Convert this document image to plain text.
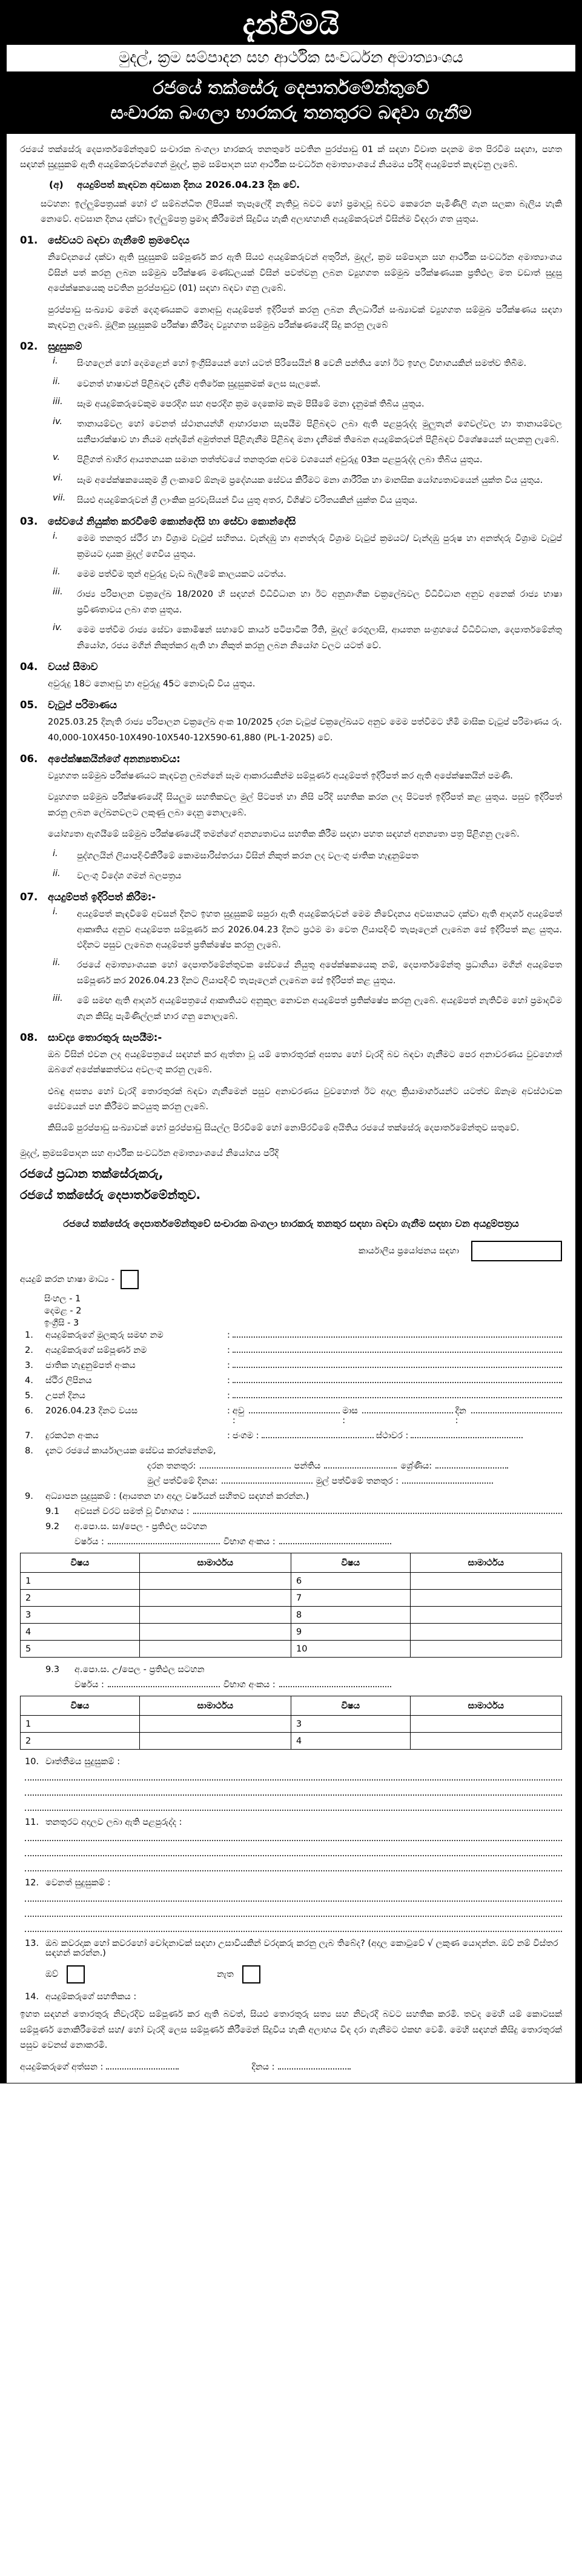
දැන්වීමයි
මුදල්, ක්‍රම සම්පාදන සහ ආර්ථික සංවර්ධන අමාත්‍යාංශය
රජයේ තක්සේරු දෙපාර්තමේන්තුවේ
සංචාරක බංගලා භාරකරු තනතුරට බඳවා ගැනීම

රජයේ තක්සේරු දෙපාර්තමේන්තුවේ සංචාරක බංගලා භාරකරු තනතුරේ පවතින පුරප්පාඩු 01 ක් සඳහා විවෘත පදනම මත පිරවීම සඳහා, පහත සඳහන් සුදුසුකම් ඇති අයදුම්කරුවන්ගෙන් මුදල්, ක්‍රම සම්පාදන සහ ආර්ථික සංවර්ධන අමාත්‍යාංශයේ නියමය පරිදි අයදුම්පත් කැඳවනු ලැබේ.

(අ) අයදුම්පත් කැඳවන අවසාන දිනය 2026.04.23 දින වේ.

සටහන: ඉල්ලුම්පත්‍රයක් හෝ ඒ සම්බන්ධිත ලිපියක් තැපෑලේදී නැතිවූ බවට හෝ ප්‍රමාදවූ බවට කෙරෙන පැමිණිලි ගැන සලකා බැලිය හැකි නොවේ. අවසාන දිනය දක්වා ඉල්ලුම්පත්‍ර ප්‍රමාද කිරීමෙන් සිදුවිය හැකි අලාභහානි අයදුම්කරුවන් විසින්ම විඳදරා ගත යුතුය.

01.	සේවයට බඳවා ගැනීමේ ක්‍රමවේදය

නිවේදනයේ දක්වා ඇති සුදුසුකම් සම්පූර්ණ කර ඇති සියළු අයදුම්කරුවන් අතුරින්, මුදල්, ක්‍රම සම්පාදන සහ ආර්ථික සංවර්ධන අමාත්‍යාංශය විසින් පත් කරනු ලබන සම්මුඛ පරීක්ෂණ මණ්ඩලයක් විසින් පවත්වනු ලබන ව්‍යුහගත සම්මුඛ පරීක්ෂණයක ප්‍රතිඵල මත වඩාත් සුදුසු අපේක්ෂකයෙකු පවතින පුරප්පාඩුව (01) සඳහා බඳවා ගනු ලැබේ.

පුරප්පාඩු සංඛ්‍යාව මෙන් දෙගුණයකට නොඅඩු අයදුම්පත් ඉදිරිපත් කරනු ලබන නිලධාරීන් සංඛ්‍යාවක් ව්‍යුහගත සම්මුඛ පරීක්ෂණය සඳහා කැඳවනු ලැබේ. මූලික සුදුසුකම් පරීක්ෂා කිරීමද ව්‍යුහගත සම්මුඛ පරීක්ෂණයේදී සිදු කරනු ලැබේ

02.	සුදුසුකම්
i.	සිංහලෙන් හෝ දෙමළෙන් හෝ ඉංග්‍රීසියෙන් හෝ යටත් පිරිසෙයින් 8 වෙනි පන්තිය හෝ ඊට ඉහල විභාගයකින් සමත්ව තිබීම.
ii.	වෙනත් භාෂාවන් පිළිබඳට දැනීම අතිරේක සුදුසුකමක් ලෙස සැලකේ.
iii.	සෑම අයදුම්කරුවෙකුම පෙරදිග සහ අපරදිග ක්‍රම දෙකෝම කෑම පිසීමේ මනා දැනුමක් තිබිය යුතුය.
iv.	තානායම්වල හෝ වෙනත් ස්ථානයන්හි ආහාරපාන සැපයීම පිළිබඳට ලබා ඇති පළපුරුද්ද මුලුතැන් ගෙවල්වල හා තානායම්වල සනීපාරක්ෂාව හා නියම අන්දමින් අමුත්තන් පිළිගැනීම පිළිබඳ මනා දැනීමක් තිබෙන අයදුම්කරුවන් පිළිබඳව විශේෂයෙන් සලකනු ලැබේ.
v.	පිළිගත් බාහිර ආයතනයක සමාන තත්ත්වයේ තනතුරක අවම වශයෙන් අවුරුදු 03ක පළපුරුද්ද ලබා තිබිය යුතුය.
vi.	සෑම අපේක්ෂකයෙකුම ශ්‍රී ලංකාවේ ඕනෑම ප්‍රදේශයක සේවය කිරීමට මනා ශාරීරික හා මානසික යෝග්‍යතාවයෙන් යුක්ත විය යුතුය.
vii.	සියළු අයදුම්කරුවන් ශ්‍රී ලාංකික පුරවැසියන් විය යුතු අතර, විශිෂ්ට චරිතයකින් යුක්ත විය යුතුය.
03.	සේවයේ නියුක්ත කරවීමේ කොන්දේසි හා සේවා කොන්දේසි
i.	මෙම තනතුර ස්ථීර හා විශ්‍රාම වැටුප් සහිතය. වැන්දඹු හා අනත්දරු විශ්‍රාම වැටුප් ක්‍රමයට/ වැන්දඹු පුරුෂ හා අනත්දරු විශ්‍රාම වැටුප් ක්‍රමයට දායක මුදල් ගෙවිය යුතුය.
ii.	මෙම පත්වීම තුන් අවුරුදු වැඩ බැලීමේ කාලයකට යටත්ය.
iii.	රාජ්‍ය පරිපාලන චක්‍රලේඛ 18/2020 හි සඳහන් විධිවිධාන හා ඊට අනුශාංගික චක්‍රලේඛවල විධිවිධාන අනුව අනෙක් රාජ්‍ය භාෂා ප්‍රවීණතාවය ලබා ගත යුතුය.
iv.	මෙම පත්වීම රාජ්‍ය සේවා කොමිෂන් සභාවේ කාර්ය පටිපාටික රීති, මුදල් රෙගුලාසි, ආයතන සංග්‍රහයේ විධිවිධාන, දෙපාර්තමේන්තු නියෝග, රජය මගින් නිකුත්කර ඇති හා නිකුත් කරනු ලබන නියෝග වලට යටත් වේ.
04.	වයස් සීමාව

අවුරුදු 18ට නොඅඩු හා අවුරුදු 45ට නොවැඩි විය යුතුය.

05.	වැටුප් පරිමාණය

2025.03.25 දිනැති රාජ්‍ය පරිපාලන චක්‍රලේඛ අංක 10/2025 දරන වැටුප් චක්‍රලේඛයට අනුව මෙම පත්වීමට හිමි මාසික වැටුප් පරිමාණය රු. 40,000-10X450-10X490-10X540-12X590-61,880 (PL-1-2025) වේ.

06.	අපේක්ෂකයින්ගේ අනන්‍යතාවය:

ව්‍යුහගත සම්මුඛ පරීක්ෂණයට කැඳවනු ලබන්නේ සෑම ආකාරයකින්ම සම්පූර්ණ අයදුම්පත් ඉදිරිපත් කර ඇති අපේක්ෂකයින් පමණි.

ව්‍යුහගත සම්මුඛ පරීක්ෂණයේදී සියලුම සහතිකවල මුල් පිටපත් හා නිසි පරිදි සහතික කරන ලද පිටපත් ඉදිරිපත් කළ යුතුය. පසුව ඉදිරිපත් කරනු ලබන ලේඛනවලට ලකුණු ලබා දෙනු නොලැබේ.

යෝග්‍යතා ඇගයීමේ සම්මුඛ පරීක්ෂණයේදී තමන්ගේ අනන්‍යතාවය සහතික කිරීම සඳහා පහත සඳහන් අනන්‍යතා පත්‍ර පිළිගනු ලැබේ.

i.	පුද්ගලයින් ලියාපදිංචිකිරීමේ කොමසාරිස්තරයා විසින් නිකුත් කරන ලද වලංගු ජාතික හැඳුනුම්පත
ii.	වලංගු විදේශ ගමන් බලපත්‍රය
07.	අයදුම්පත් ඉදිරිපත් කිරීම:-
i.	අයදුම්පත් කැඳවීමේ අවසන් දිනට ඉහත සුදුසුකම් සපුරා ඇති අයදුම්කරුවන් මෙම නිවේදනය අවසානයට දක්වා ඇති ආදර්ශ අයදුම්පත් ආකෘතිය අනුව අයදුම්පත සම්පූර්ණ කර 2026.04.23 දිනට ප්‍රථම මා වෙත ලියාපදිංචි තැපෑලෙන් ලැබෙන සේ ඉදිරිපත් කළ යුතුය. එදිනට පසුව ලැබෙන අයදුම්පත් ප්‍රතික්ෂේප කරනු ලැබේ.
ii.	රජයේ අමාත්‍යාංශයක හෝ දෙපාර්තමේන්තුවක සේවයේ නියුතු අපේක්ෂකයෙකු නම්, දෙපාර්තමේන්තු ප්‍රධානියා මගින් අයදුම්පත සම්පූර්ණ කර 2026.04.23 දිනට ලියාපදිංචි තැපෑලෙන් ලැබෙන සේ ඉදිරිපත් කළ යුතුය.
iii.	මේ සමඟ ඇති ආදර්ශ අයදුම්පත්‍රයේ ආකෘතියට අනුකූල නොවන අයදුම්පත් ප්‍රතික්ෂේප කරනු ලැබේ. අයදුම්පත් නැතිවීම හෝ ප්‍රමාදවීම ගැන කිසිදු පැමිණිල්ලක් භාර ගනු නොලැබේ.
08.	සාවද්‍ය තොරතුරු සැපයීම:-

ඔබ විසින් එවන ලද අයදුම්පත්‍රයේ සඳහන් කර ඇත්තා වූ යම් තොරතුරක් අසත්‍ය හෝ වැරදි බව බඳවා ගැනීමට පෙර අනාවරණය වුවහොත් ඔබගේ අපේක්ෂකත්වය අවලංගු කරනු ලැබේ.

එබඳු අසත්‍ය හෝ වැරදි තොරතුරක් බඳවා ගැනීමෙන් පසුව අනාවරණය වුවහොත් ඊට අදාල ක්‍රියාමාර්ගයන්ට යටත්ව ඕනෑම අවස්ථාවක සේවයෙන් පහ කිරීමට කටයුතු කරනු ලැබේ.

කිසියම් පුරප්පාඩු සංඛ්‍යාවක් හෝ පුරප්පාඩු සියල්ල පිරවීමේ හෝ නොපිරවීමේ අයිතිය රජයේ තක්සේරු දෙපාර්තමේන්තුව සතුවේ.

මුදල්, ක්‍රමසම්පාදන සහ ආර්ථික සංවර්ධන අමාත්‍යාංශයේ නියෝගය පරිදි
රජයේ ප්‍රධාන තක්සේරුකරු,
රජයේ තක්සේරු දෙපාර්තමේන්තුව.
රජයේ තක්සේරු දෙපාර්තමේන්තුවේ සංචාරක බංගලා භාරකරු තනතුර සඳහා බඳවා ගැනීම සඳහා වන අයදුම්පත්‍රය
කාර්යාලීය ප්‍රයෝජනය සඳහා
අයදුම් කරන භාෂා මාධ්‍ය -
සිංහල - 1
දෙමළ - 2
ඉංග්‍රීසි - 3
1.	අයදුම්කරුගේ මුලකුරු සමඟ නම	:
2.	අයදුම්කරුගේ සම්පූර්ණ නම	:
3.	ජාතික හැඳුනුම්පත් අංකය	:
4.	ස්ථිර ලිපිනය	:
5.	උපන් දිනය	:
6.	2026.04.23 දිනට වයස	: අවු :
මාස :
දින :
7.	දුරකථන අංකය	: ජංගම :	ස්ථාවර :
8.	දැනට රජයේ කාර්යාලයක සේවය කරන්නේනම්,
දරන තනතුර:	පන්තිය	ශ්‍රේණිය:
මුල් පත්වීමේ දිනය:	මුල් පත්වීමේ තනතුර :
9.	අධ්‍යාපන සුදුසුකම් : (ආයතන හා අදාල වර්ෂයන් සහිතව සඳහන් කරන්න.)
9.1	අවසන් වරට සමත් වූ විභාගය :
9.2	අ.පො.ස. සා/පෙල - ප්‍රතිඵල සටහන
වර්ෂය :	විභාග අංකය :
විෂය	සාමාර්ථය	විෂය	සාමාර්ථය
1		6	
2		7	
3		8	
4		9	
5		10	
9.3	අ.පො.ස. උ/පෙල - ප්‍රතිඵල සටහන
වර්ෂය :	විභාග අංකය :
විෂය	සාමාර්ථය	විෂය	සාමාර්ථය
1		3	
2		4	
10. වෘත්තීමය සුදුසුකම් :
11. තනතුරට අදාලව ලබා ඇති පළපුරුද්ද :
12. වෙනත් සුදුසුකම් :
13. ඔබ කවරදාක හෝ කවරහෝ චෝදනාවක් සඳහා උසාවියකින් වරදකරු කරනු ලැබ තිබේද? (අදාල කොටුවේ √ ලකුණ යොදන්න. ඔව් නම් විස්තර සඳහන් කරන්න.)
ඔව්	නැත
14. අයදුම්කරුගේ සහතිකය :

ඉහත සඳහන් තොරතුරු නිවැරදිව සම්පූර්ණ කර ඇති බවත්, සියළු තොරතුරු සත්‍ය සහ නිවැරදි බවට සහතික කරමි. තවද මෙහි යම් කොටසක් සම්පූර්ණ නොකිරීමෙන් සහ/ හෝ වැරදි ලෙස සම්පූර්ණ කිරීමෙන් සිදුවිය හැකි අලාභය විඳ දරා ගැනීමට එකඟ වෙමි. මෙහි සඳහන් කිසිදු තොරතුරක් පසුව වෙනස් නොකරමි.

අයදුම්කරුගේ අත්සන :	දිනය :
